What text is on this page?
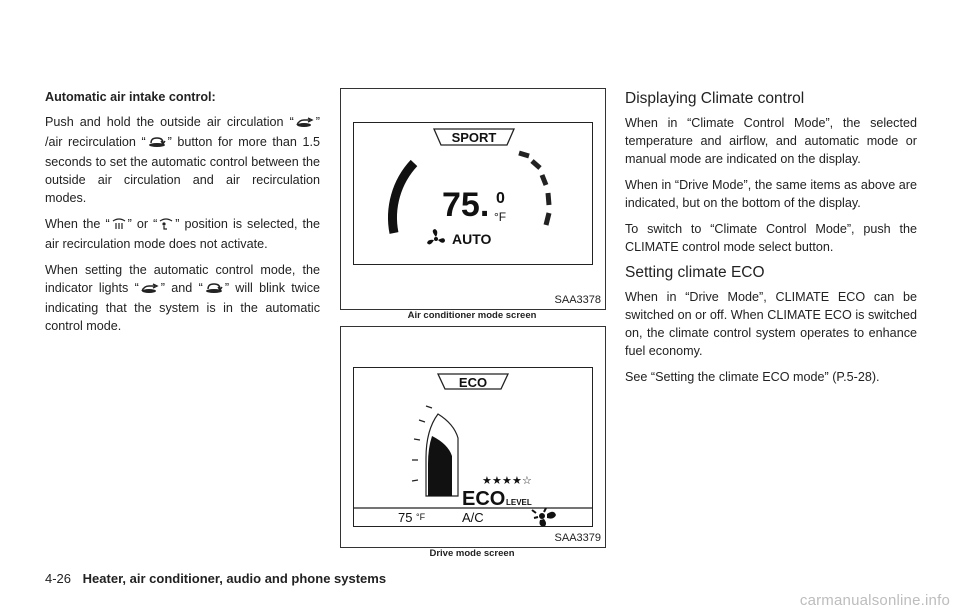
Automatic air intake control:

Push and hold the outside air circulation “ ” /air recirculation “ ” button for more than 1.5 seconds to set the automatic control between the outside air circulation and air recirculation modes.

When the “ ” or “ ” position is selected, the air recirculation mode does not activate.

When setting the automatic control mode, the indicator lights “ ” and “ ” will blink twice indicating that the system is in the automatic control mode.

SPORT
75. 0
°F
AUTO
SAA3378
Air conditioner mode screen
ECO
★ ★ ★ ★ ☆
ECO LEVEL
75 °F	A/C
SAA3379
Drive mode screen
Displaying Climate control

When in “Climate Control Mode”, the selected temperature and airflow, and automatic mode or manual mode are indicated on the display.

When in “Drive Mode”, the same items as above are indicated, but on the bottom of the display.

To switch to “Climate Control Mode”, push the CLIMATE control mode select button.

Setting climate ECO

When in “Drive Mode”, CLIMATE ECO can be switched on or off. When CLIMATE ECO is switched on, the climate control system operates to enhance fuel economy.

See “Setting the climate ECO mode” (P.5-28).

4-26 Heater, air conditioner, audio and phone systems
carmanualsonline.info
